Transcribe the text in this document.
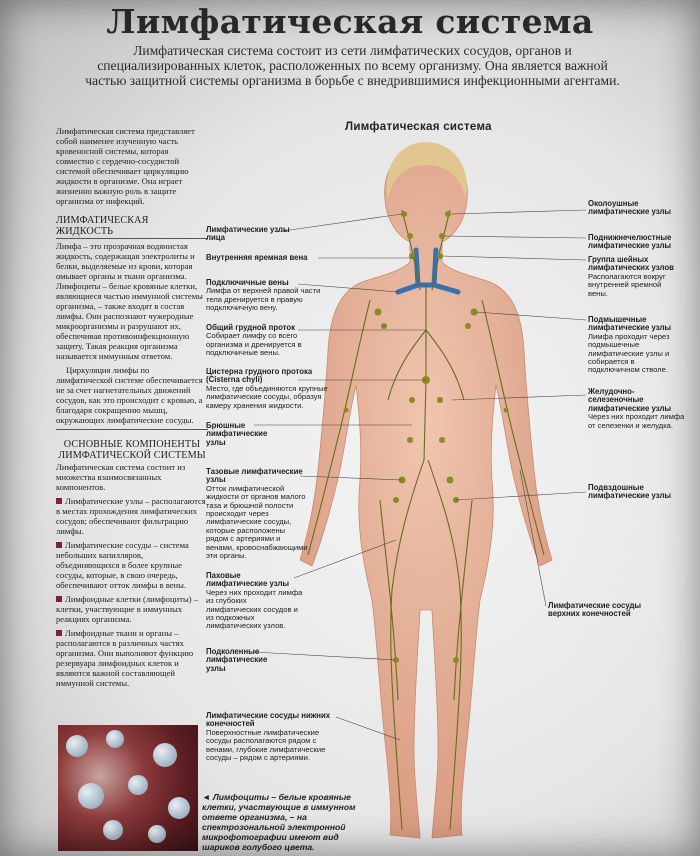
Лимфатическая система
Лимфатическая система состоит из сети лимфатических сосудов, органов и специализированных клеток, расположенных по всему организму. Она является важной частью защитной системы организма в борьбе с внедрившимися инфекционными агентами.

Лимфатическая система представляет собой наименее изученную часть кровеносной системы, которая совместно с сердечно-сосудистой системой обеспечивает циркуляцию жидкости в организме. Она играет жизненно важную роль в защите организма от инфекций.

ЛИМФАТИЧЕСКАЯ ЖИДКОСТЬ

Лимфа – это прозрачная водянистая жидкость, содержащая электролиты и белки, выделяемые из крови, которая омывает органы и ткани организма. Лимфоциты – белые кровяные клетки, являющиеся частью иммунной системы организма, – также входят в состав лимфы. Они распознают чужеродные микроорганизмы и разрушают их, обеспечивая противоинфекционную защиту. Такая реакция организма называется иммунным ответом.

Циркуляция лимфы по лимфатической системе обеспечивается не за счет нагнетательных движений сосудов, как это происходит с кровью, а благодаря сокращению мышц, окружающих лимфатические сосуды.

ОСНОВНЫЕ КОМПОНЕНТЫ ЛИМФАТИЧЕСКОЙ СИСТЕМЫ

Лимфатическая система состоит из множества взаимосвязанных компонентов.

Лимфатические узлы – располагаются в местах прохождения лимфатических сосудов; обеспечивают фильтрацию лимфы.

Лимфатические сосуды – система небольших капилляров, объединяющихся в более крупные сосуды, которые, в свою очередь, обеспечивают отток лимфы в вены.

Лимфоидные клетки (лимфоциты) – клетки, участвующие в иммунных реакциях организма.

Лимфоидные ткани и органы – располагаются в различных частях организма. Они выполняют функцию резервуара лимфоидных клеток и являются важной составляющей иммунной системы.

◄ Лимфоциты – белые кровяные клетки, участвующие в иммунном ответе организма, – на спектрозональной электронной микрофотографии имеют вид шариков голубого цвета.
Лимфатическая система
Лимфатические узлы лица
Внутренняя яремная вена
Подключичные вены
Лимфа от верхней правой части тела дренируется в правую подключичную вену.
Общий грудной проток
Собирает лимфу со всего организма и дренируется в подключичные вены.
Цистерна грудного протока (Cisterna chyli)
Место, где объединяются крупные лимфатические сосуды, образуя камеру хранения жидкости.
Брюшные лимфатические узлы
Тазовые лимфатические узлы
Отток лимфатической жидкости от органов малого таза и брюшной полости происходит через лимфатические сосуды, которые расположены рядом с артериями и венами, кровоснабжающими эти органы.
Паховые лимфатические узлы
Через них проходит лимфа из глубоких лимфатических сосудов и из подкожных лимфатических узлов.
Подколенные лимфатические узлы
Лимфатические сосуды нижних конечностей
Поверхностные лимфатические сосуды располагаются рядом с венами, глубокие лимфатические сосуды – рядом с артериями.
Околоушные лимфатические узлы
Поднижнечелюстные лимфатические узлы
Группа шейных лимфатических узлов
Располагаются вокруг внутренней яремной вены.
Подмышечные лимфатические узлы
Лимфа проходит через подмышечные лимфатические узлы и собирается в подключичном стволе.
Желудочно-селезеночные лимфатические узлы
Через них проходит лимфа от селезенки и желудка.
Подвздошные лимфатические узлы
Лимфатические сосуды верхних конечностей
